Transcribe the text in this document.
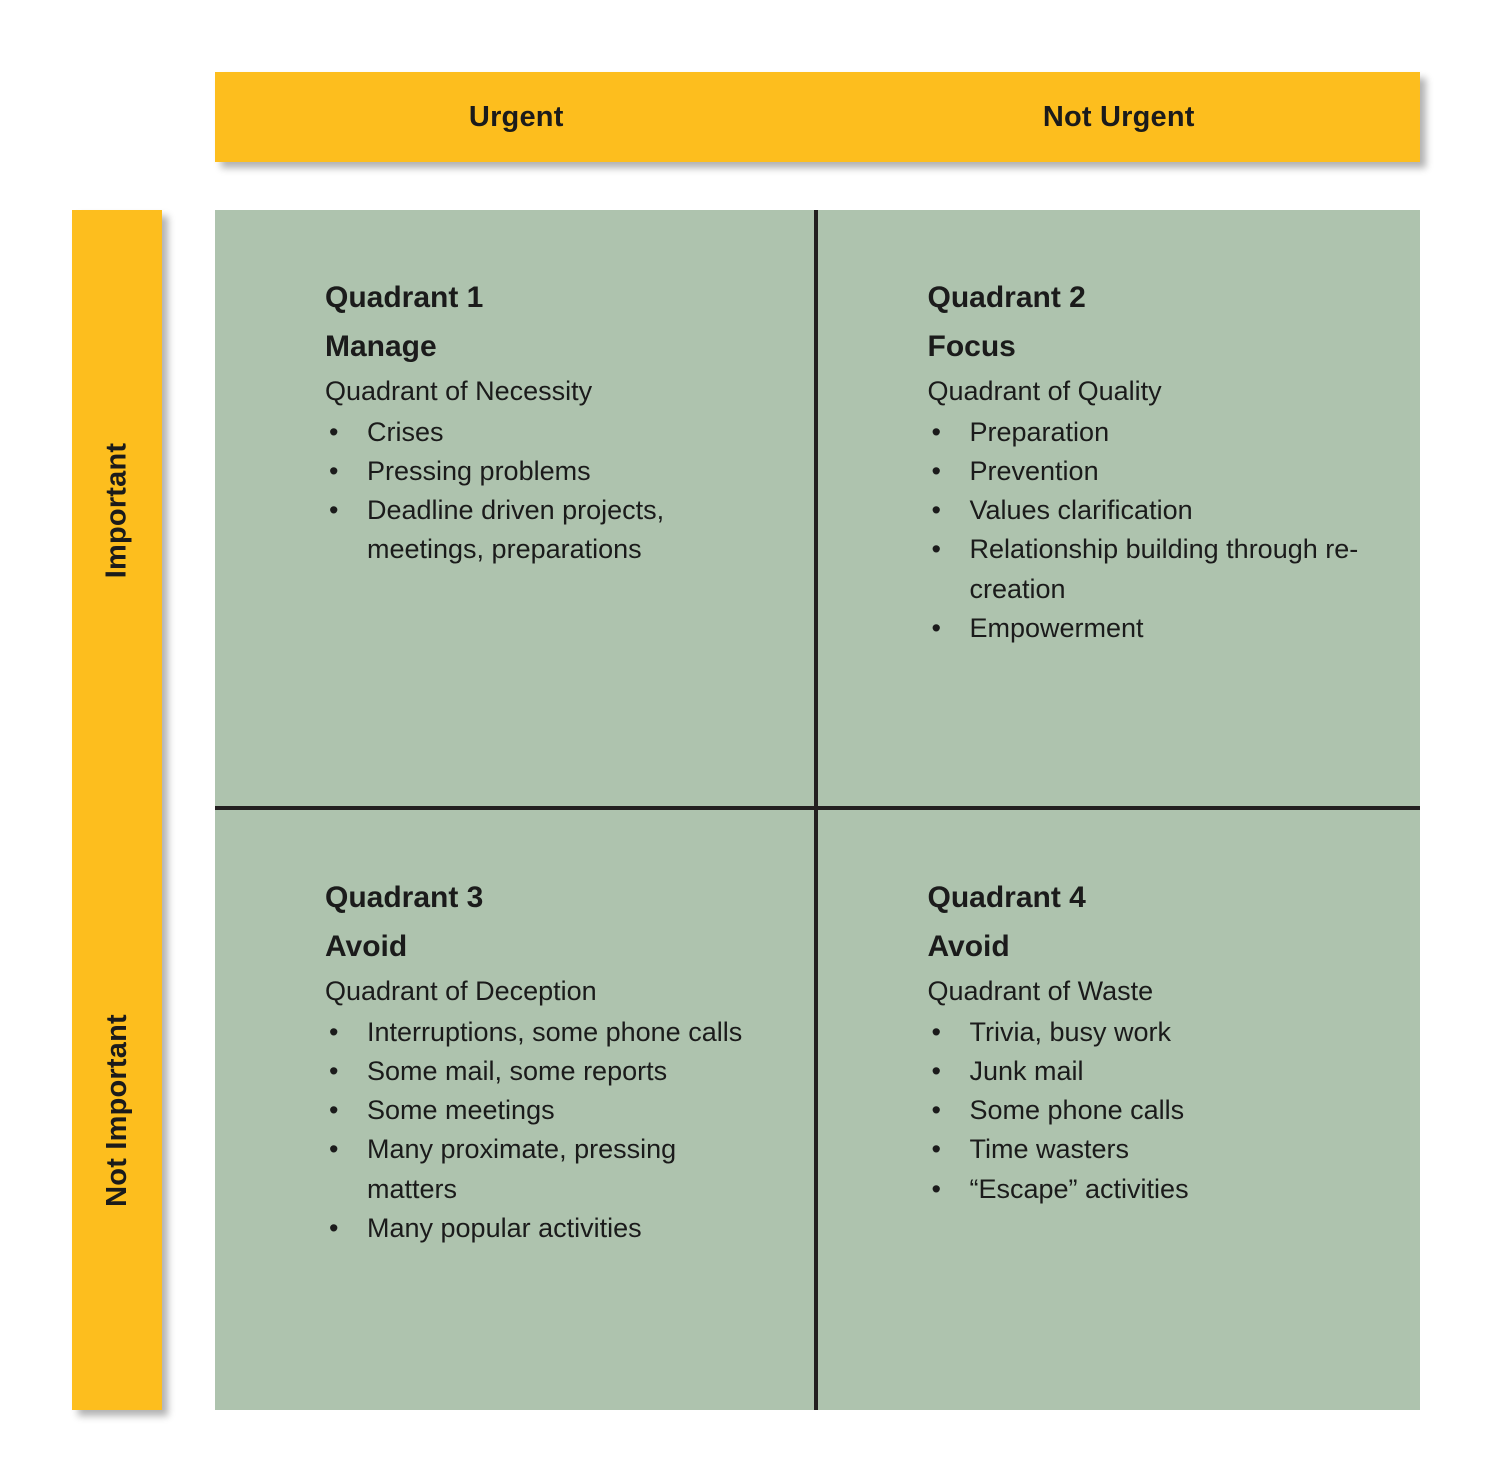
Urgent	Not Urgent
Important
Not Important
Quadrant 1
Manage
Quadrant of Necessity
• Crises
• Pressing problems
• Deadline driven projects, meetings, preparations
Quadrant 2
Focus
Quadrant of Quality
• Preparation
• Prevention
• Values clarification
• Relationship building through re-creation
• Empowerment
Quadrant 3
Avoid
Quadrant of Deception
• Interruptions, some phone calls
• Some mail, some reports
• Some meetings
• Many proximate, pressing matters
• Many popular activities
Quadrant 4
Avoid
Quadrant of Waste
• Trivia, busy work
• Junk mail
• Some phone calls
• Time wasters
• “Escape” activities
